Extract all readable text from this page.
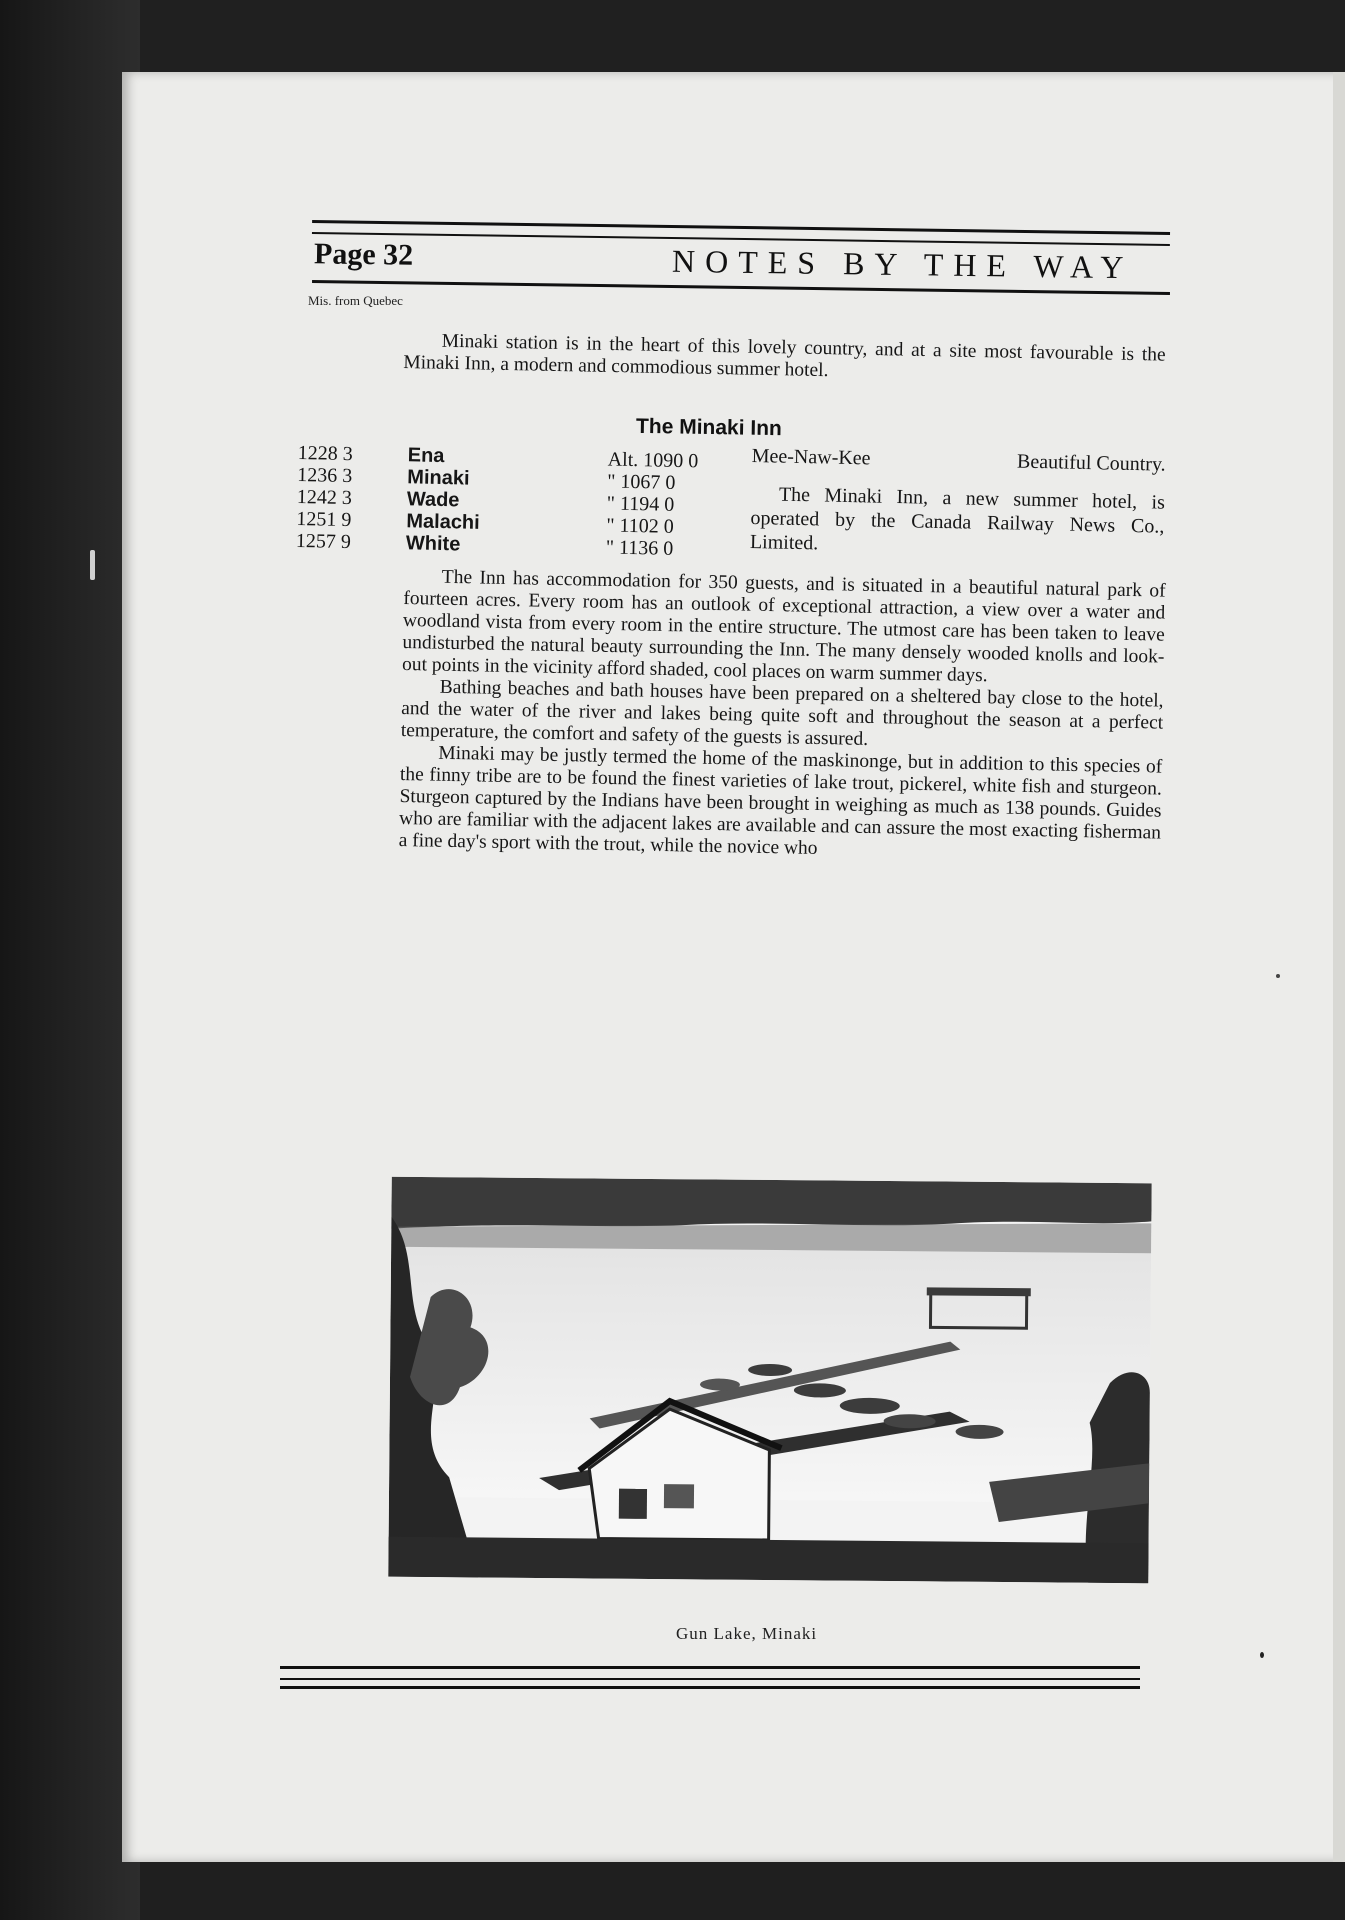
Page 32	NOTES BY THE WAY
Mis. from Quebec

Minaki station is in the heart of this lovely country, and at a site most favourable is the Minaki Inn, a modern and commodious summer hotel.

The Minaki Inn
1228 3	Ena	Alt. 1090 0
1236 3	Minaki	" 1067 0
1242 3	Wade	" 1194 0
1251 9	Malachi	" 1102 0
1257 9	White	" 1136 0
Mee-Naw-Kee	Beautiful Country.
The Minaki Inn, a new summer hotel, is operated by the Canada Railway News Co., Limited.

The Inn has accommodation for 350 guests, and is situated in a beautiful natural park of fourteen acres. Every room has an outlook of exceptional attraction, a view over a water and woodland vista from every room in the entire structure. The utmost care has been taken to leave undisturbed the natural beauty surrounding the Inn. The many densely wooded knolls and look-out points in the vicinity afford shaded, cool places on warm summer days.

Bathing beaches and bath houses have been prepared on a sheltered bay close to the hotel, and the water of the river and lakes being quite soft and throughout the season at a perfect temperature, the comfort and safety of the guests is assured.

Minaki may be justly termed the home of the maskinonge, but in addition to this species of the finny tribe are to be found the finest varieties of lake trout, pickerel, white fish and sturgeon. Sturgeon captured by the Indians have been brought in weighing as much as 138 pounds. Guides who are familiar with the adjacent lakes are available and can assure the most exacting fisherman a fine day's sport with the trout, while the novice who

Gun Lake, Minaki
